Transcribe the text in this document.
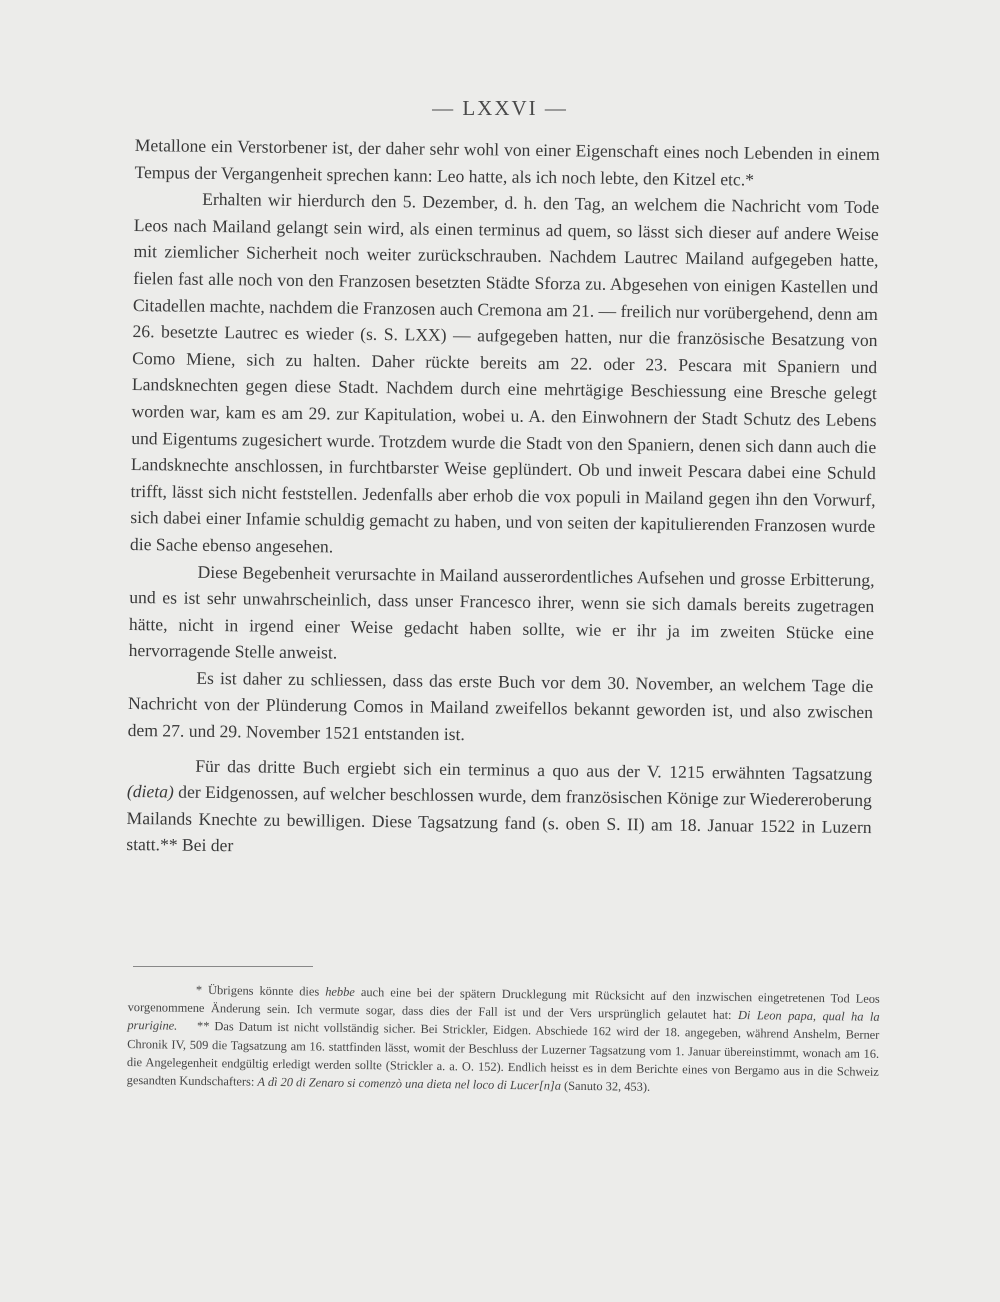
— LXXVI —

Metallone ein Verstorbener ist, der daher sehr wohl von einer Eigenschaft eines noch Lebenden in einem Tempus der Vergangenheit sprechen kann: Leo hatte, als ich noch lebte, den Kitzel etc.*

Erhalten wir hierdurch den 5. Dezember, d. h. den Tag, an welchem die Nachricht vom Tode Leos nach Mailand gelangt sein wird, als einen terminus ad quem, so lässt sich dieser auf andere Weise mit ziemlicher Sicherheit noch weiter zurückschrauben. Nachdem Lautrec Mailand aufgegeben hatte, fielen fast alle noch von den Franzosen besetzten Städte Sforza zu. Abgesehen von einigen Kastellen und Citadellen machte, nachdem die Franzosen auch Cremona am 21. — freilich nur vorübergehend, denn am 26. besetzte Lautrec es wieder (s. S. LXX) — aufgegeben hatten, nur die französische Besatzung von Como Miene, sich zu halten. Daher rückte bereits am 22. oder 23. Pescara mit Spaniern und Landsknechten gegen diese Stadt. Nachdem durch eine mehrtägige Beschiessung eine Bresche gelegt worden war, kam es am 29. zur Kapitulation, wobei u. A. den Einwohnern der Stadt Schutz des Lebens und Eigentums zugesichert wurde. Trotzdem wurde die Stadt von den Spaniern, denen sich dann auch die Landsknechte anschlossen, in furchtbarster Weise geplündert. Ob und inweit Pescara dabei eine Schuld trifft, lässt sich nicht feststellen. Jedenfalls aber erhob die vox populi in Mailand gegen ihn den Vorwurf, sich dabei einer Infamie schuldig gemacht zu haben, und von seiten der kapitulierenden Franzosen wurde die Sache ebenso angesehen.

Diese Begebenheit verursachte in Mailand ausserordentliches Aufsehen und grosse Erbitterung, und es ist sehr unwahrscheinlich, dass unser Francesco ihrer, wenn sie sich damals bereits zugetragen hätte, nicht in irgend einer Weise gedacht haben sollte, wie er ihr ja im zweiten Stücke eine hervorragende Stelle anweist.

Es ist daher zu schliessen, dass das erste Buch vor dem 30. November, an welchem Tage die Nachricht von der Plünderung Comos in Mailand zweifellos bekannt geworden ist, und also zwischen dem 27. und 29. November 1521 entstanden ist.

Für das dritte Buch ergiebt sich ein terminus a quo aus der V. 1215 erwähnten Tagsatzung (dieta) der Eidgenossen, auf welcher beschlossen wurde, dem französischen Könige zur Wiedereroberung Mailands Knechte zu bewilligen. Diese Tagsatzung fand (s. oben S. II) am 18. Januar 1522 in Luzern statt.** Bei der

* Übrigens könnte dies hebbe auch eine bei der spätern Drucklegung mit Rücksicht auf den inzwischen eingetretenen Tod Leos vorgenommene Änderung sein. Ich vermute sogar, dass dies der Fall ist und der Vers ursprünglich gelautet hat: Di Leon papa, qual ha la prurigine. ** Das Datum ist nicht vollständig sicher. Bei Strickler, Eidgen. Abschiede 162 wird der 18. angegeben, während Anshelm, Berner Chronik IV, 509 die Tagsatzung am 16. stattfinden lässt, womit der Beschluss der Luzerner Tagsatzung vom 1. Januar übereinstimmt, wonach am 16. die Angelegenheit endgültig erledigt werden sollte (Strickler a. a. O. 152). Endlich heisst es in dem Berichte eines von Bergamo aus in die Schweiz gesandten Kundschafters: A dì 20 di Zenaro si comenzò una dieta nel loco di Lucer[n]a (Sanuto 32, 453).
